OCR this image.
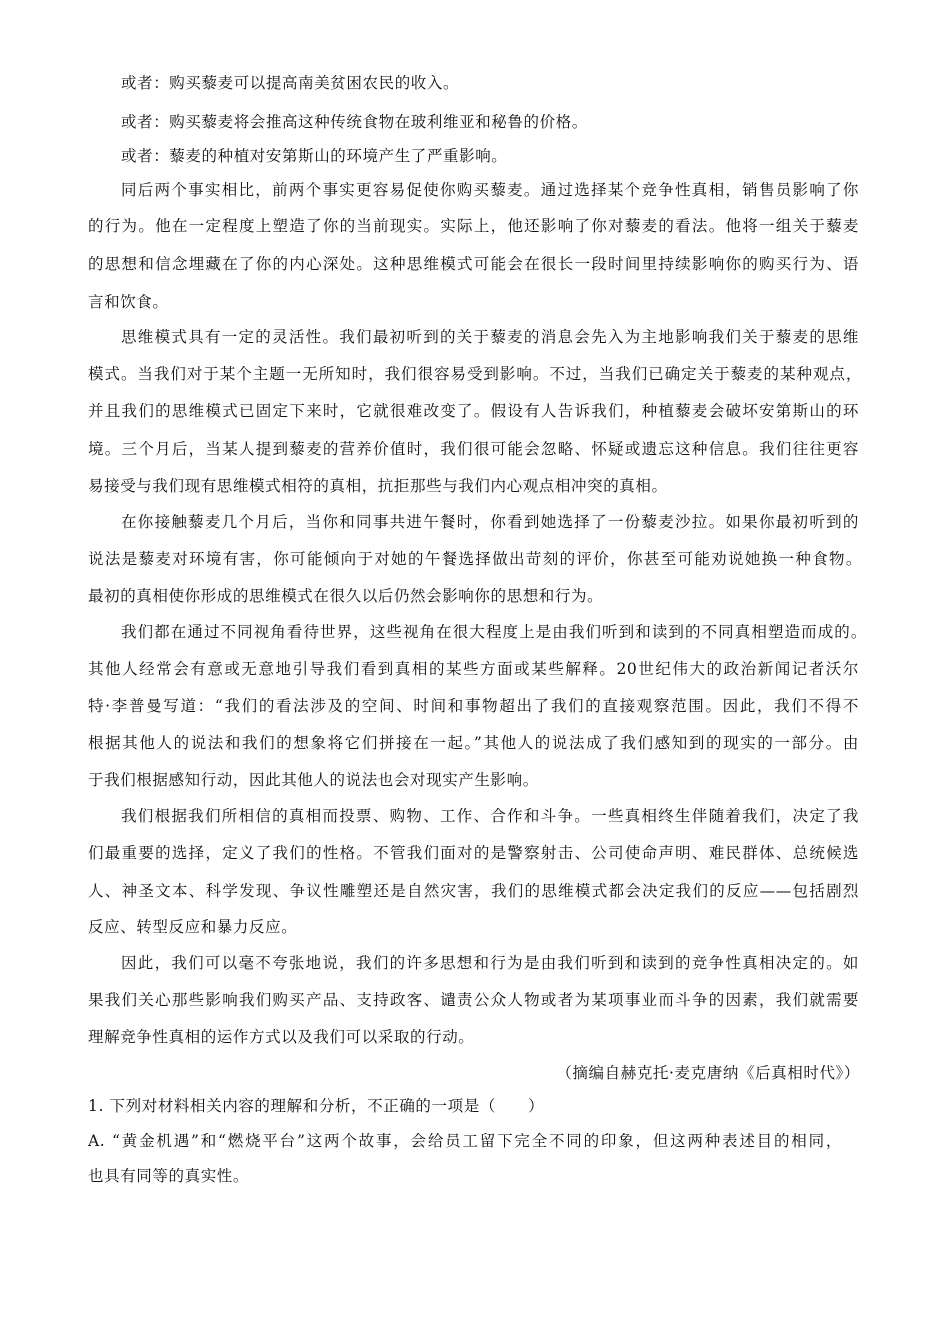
或者：购买藜麦可以提高南美贫困农民的收入。
或者：购买藜麦将会推高这种传统食物在玻利维亚和秘鲁的价格。
或者：藜麦的种植对安第斯山的环境产生了严重影响。
同后两个事实相比，前两个事实更容易促使你购买藜麦。通过选择某个竞争性真相，销售员影响了你
的行为。他在一定程度上塑造了你的当前现实。实际上，他还影响了你对藜麦的看法。他将一组关于藜麦
的思想和信念埋藏在了你的内心深处。这种思维模式可能会在很长一段时间里持续影响你的购买行为、语
言和饮食。
思维模式具有一定的灵活性。我们最初听到的关于藜麦的消息会先入为主地影响我们关于藜麦的思维
模式。当我们对于某个主题一无所知时，我们很容易受到影响。不过，当我们已确定关于藜麦的某种观点，
并且我们的思维模式已固定下来时，它就很难改变了。假设有人告诉我们，种植藜麦会破坏安第斯山的环
境。三个月后，当某人提到藜麦的营养价值时，我们很可能会忽略、怀疑或遗忘这种信息。我们往往更容
易接受与我们现有思维模式相符的真相，抗拒那些与我们内心观点相冲突的真相。
在你接触藜麦几个月后，当你和同事共进午餐时，你看到她选择了一份藜麦沙拉。如果你最初听到的
说法是藜麦对环境有害，你可能倾向于对她的午餐选择做出苛刻的评价，你甚至可能劝说她换一种食物。
最初的真相使你形成的思维模式在很久以后仍然会影响你的思想和行为。
我们都在通过不同视角看待世界，这些视角在很大程度上是由我们听到和读到的不同真相塑造而成的。
其他人经常会有意或无意地引导我们看到真相的某些方面或某些解释。20世纪伟大的政治新闻记者沃尔
特·李普曼写道：“我们的看法涉及的空间、时间和事物超出了我们的直接观察范围。因此，我们不得不
根据其他人的说法和我们的想象将它们拼接在一起。”其他人的说法成了我们感知到的现实的一部分。由
于我们根据感知行动，因此其他人的说法也会对现实产生影响。
我们根据我们所相信的真相而投票、购物、工作、合作和斗争。一些真相终生伴随着我们，决定了我
们最重要的选择，定义了我们的性格。不管我们面对的是警察射击、公司使命声明、难民群体、总统候选
人、神圣文本、科学发现、争议性雕塑还是自然灾害，我们的思维模式都会决定我们的反应——包括剧烈
反应、转型反应和暴力反应。
因此，我们可以毫不夸张地说，我们的许多思想和行为是由我们听到和读到的竞争性真相决定的。如
果我们关心那些影响我们购买产品、支持政客、谴责公众人物或者为某项事业而斗争的因素，我们就需要
理解竞争性真相的运作方式以及我们可以采取的行动。
（摘编自赫克托·麦克唐纳《后真相时代》）
1. 下列对材料相关内容的理解和分析，不正确的一项是（　　）
A. “黄金机遇”和“燃烧平台”这两个故事，会给员工留下完全不同的印象，但这两种表述目的相同，
也具有同等的真实性。
